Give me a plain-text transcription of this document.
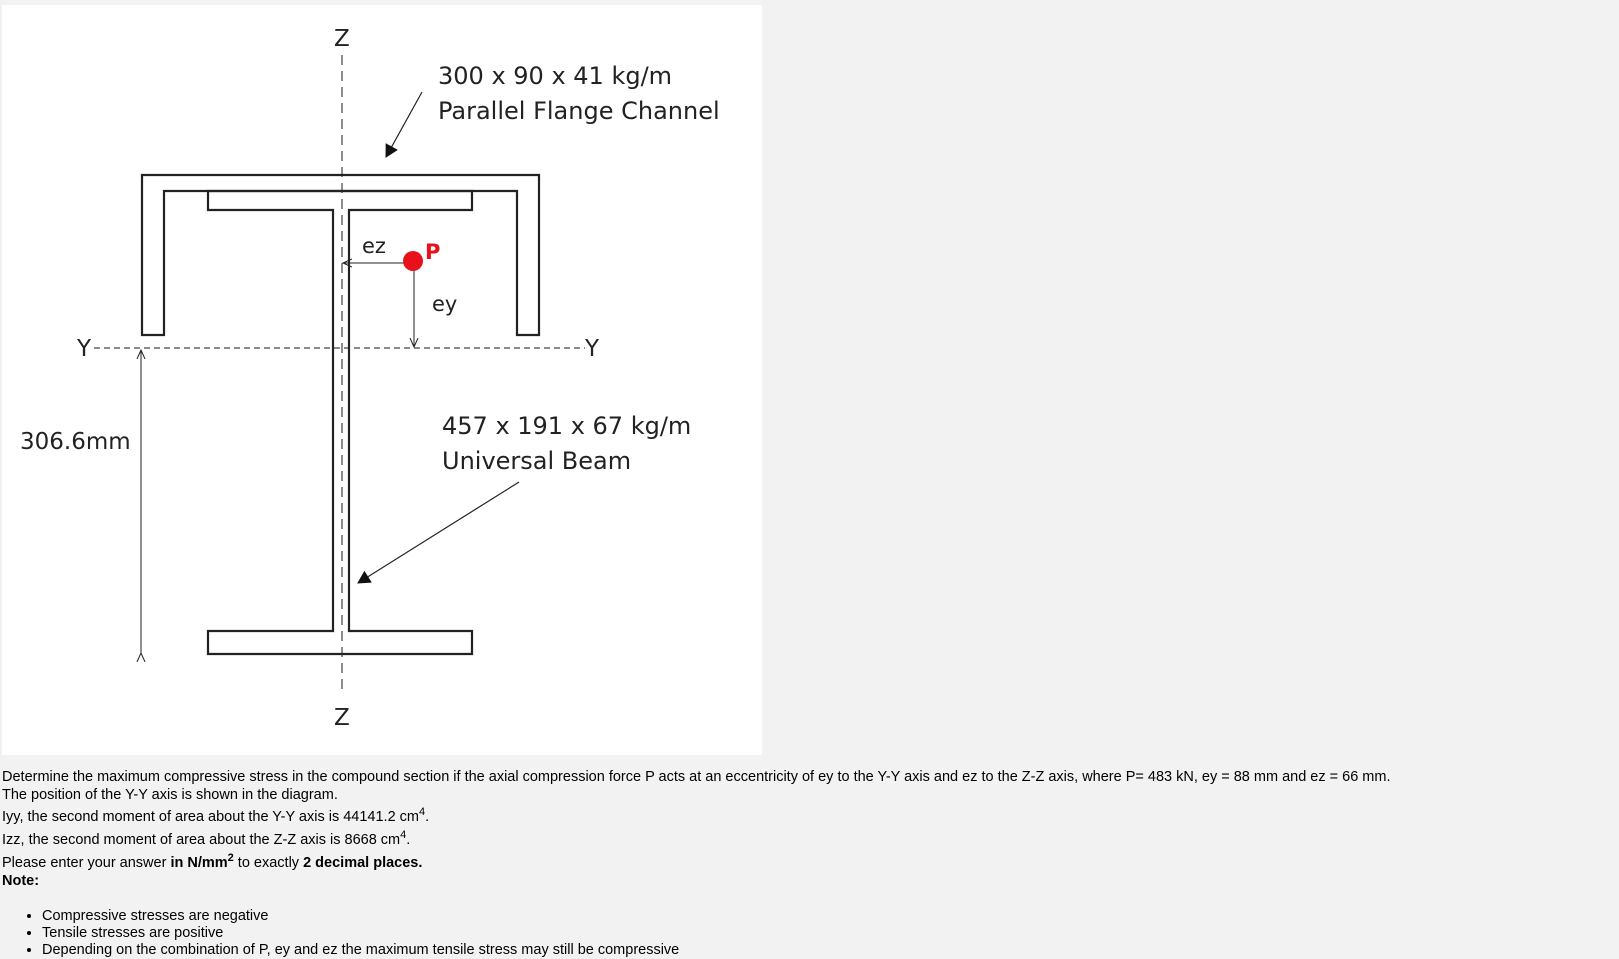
Z
Z
Y	Y
300 x 90 x 41 kg/m
Parallel Flange Channel
457 x 191 x 67 kg/m
Universal Beam
ez
ey
P
306.6mm

Determine the maximum compressive stress in the compound section if the axial compression force P acts at an eccentricity of ey to the Y-Y axis and ez to the Z-Z axis, where P= 483 kN, ey = 88 mm and ez = 66 mm.

The position of the Y-Y axis is shown in the diagram.

Iyy, the second moment of area about the Y-Y axis is 44141.2 $cm^4$.

Izz, the second moment of area about the Z-Z axis is 8668 $cm^4$.

Please enter your answer in $N/mm^2$ to exactly 2 decimal places.

Note:

• Compressive stresses are negative
• Tensile stresses are positive
• Depending on the combination of P, ey and ez the maximum tensile stress may still be compressive
